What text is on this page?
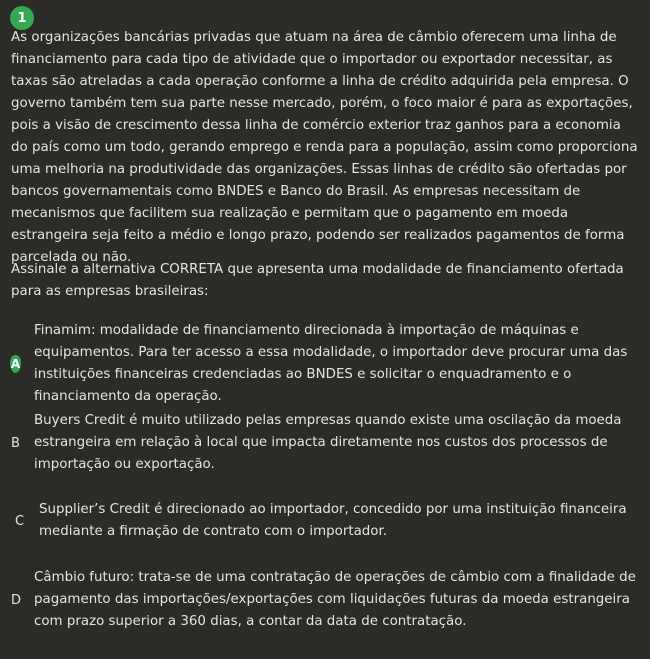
1

As organizações bancárias privadas que atuam na área de câmbio oferecem uma linha de financiamento para cada tipo de atividade que o importador ou exportador necessitar, as taxas são atreladas a cada operação conforme a linha de crédito adquirida pela empresa. O governo também tem sua parte nesse mercado, porém, o foco maior é para as exportações, pois a visão de crescimento dessa linha de comércio exterior traz ganhos para a economia do país como um todo, gerando emprego e renda para a população, assim como proporciona uma melhoria na produtividade das organizações. Essas linhas de crédito são ofertadas por bancos governamentais como BNDES e Banco do Brasil. As empresas necessitam de mecanismos que facilitem sua realização e permitam que o pagamento em moeda estrangeira seja feito a médio e longo prazo, podendo ser realizados pagamentos de forma parcelada ou não.

Assinale a alternativa CORRETA que apresenta uma modalidade de financiamento ofertada para as empresas brasileiras:

A
Finamim: modalidade de financiamento direcionada à importação de máquinas e equipamentos. Para ter acesso a essa modalidade, o importador deve procurar uma das instituições financeiras credenciadas ao BNDES e solicitar o enquadramento e o financiamento da operação.
B
Buyers Credit é muito utilizado pelas empresas quando existe uma oscilação da moeda estrangeira em relação à local que impacta diretamente nos custos dos processos de importação ou exportação.
C
Supplier’s Credit é direcionado ao importador, concedido por uma instituição financeira mediante a firmação de contrato com o importador.
D
Câmbio futuro: trata-se de uma contratação de operações de câmbio com a finalidade de pagamento das importações/exportações com liquidações futuras da moeda estrangeira com prazo superior a 360 dias, a contar da data de contratação.
